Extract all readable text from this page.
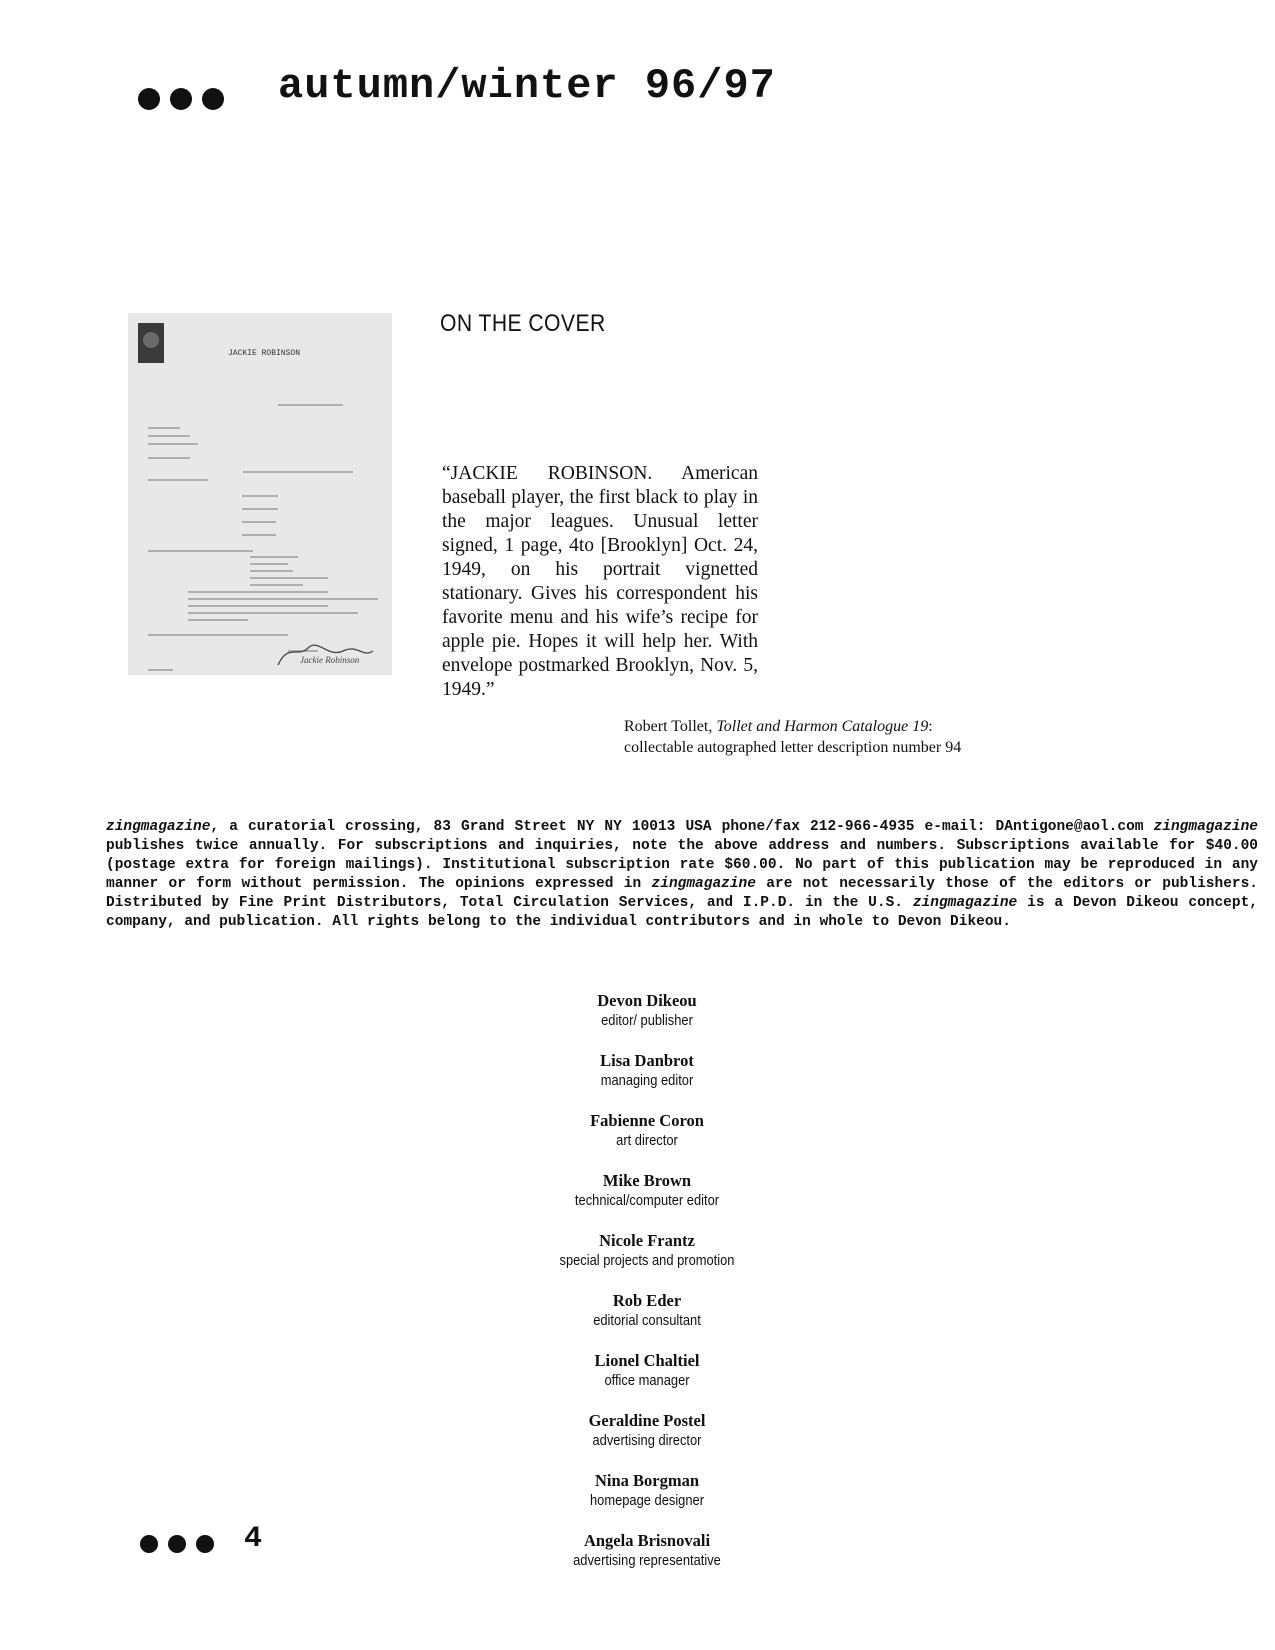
autumn/winter 96/97
JACKIE ROBINSON
Jackie Robinson
ON THE COVER
“JACKIE ROBINSON. American baseball player, the first black to play in the major leagues. Unusual letter signed, 1 page, 4to [Brooklyn] Oct. 24, 1949, on his portrait vignetted stationary. Gives his correspondent his favorite menu and his wife’s recipe for apple pie. Hopes it will help her. With envelope postmarked Brooklyn, Nov. 5, 1949.”
Robert Tollet, Tollet and Harmon Catalogue 19:
collectable autographed letter description number 94
zingmagazine, a curatorial crossing, 83 Grand Street NY NY 10013 USA phone/fax 212-966-4935 e-mail: DAntigone@aol.com zingmagazine publishes twice annually. For subscriptions and inquiries, note the above address and numbers. Subscriptions available for $40.00 (postage extra for foreign mailings). Institutional subscription rate $60.00. No part of this publication may be reproduced in any manner or form without permission. The opinions expressed in zingmagazine are not necessarily those of the editors or publishers. Distributed by Fine Print Distributors, Total Circulation Services, and I.P.D. in the U.S. zingmagazine is a Devon Dikeou concept, company, and publication. All rights belong to the individual contributors and in whole to Devon Dikeou.
Devon Dikeou
editor/ publisher
Lisa Danbrot
managing editor
Fabienne Coron
art director
Mike Brown
technical/computer editor
Nicole Frantz
special projects and promotion
Rob Eder
editorial consultant
Lionel Chaltiel
office manager
Geraldine Postel
advertising director
Nina Borgman
homepage designer
Angela Brisnovali
advertising representative
4
